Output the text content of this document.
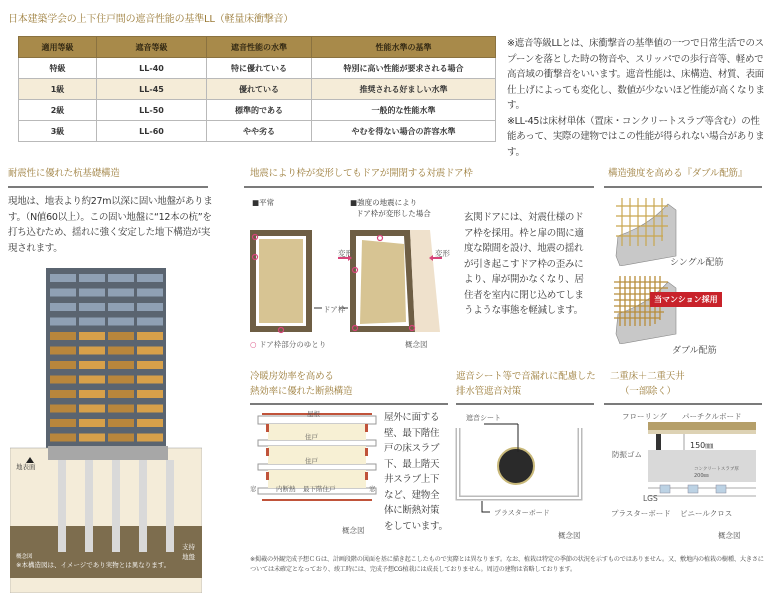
日本建築学会の上下住戸間の遮音性能の基準LL（軽量床衝撃音）
適用等級	遮音等級	遮音性能の水準	性能水準の基準
特級	LL-40	特に優れている	特別に高い性能が要求される場合
1級	LL-45	優れている	推奨される好ましい水準
2級	LL-50	標準的である	一般的な性能水準
3級	LL-60	やや劣る	やむを得ない場合の許容水準
※遮音等級LLとは、床衝撃音の基準値の一つで日常生活でのスプーンを落とした時の物音や、スリッパでの歩行音等、軽めで高音域の衝撃音をいいます。遮音性能は、床構造、材質、表面仕上げによっても変化し、数値が少ないほど性能が高くなります。
※LL-45は床材単体（置床・コンクリートスラブ等含む）の性能あって、実際の建物ではこの性能が得られない場合があります。
耐震性に優れた杭基礎構造
現地は、地表より約27m以深に固い地盤があります。（N値60以上）。この固い地盤に“12本の杭”を打ち込むため、揺れに強く安定した地下構造が実現されます。
地表面
支持
地盤
概念図
※本構造図は、イメージであり実物とは異なります。
地震により枠が変形してもドアが開閉する対震ドア枠
■平常	■強度の地震により
ドア枠が変形した場合
変形	変形
ドア枠
○ ドア枠部分のゆとり	概念図
玄関ドアには、対震仕様のドア枠を採用。枠と扉の間に適度な隙間を設け、地震の揺れが引き起こすドア枠の歪みにより、扉が開かなくなり、居住者を室内に閉じ込めてしまうような事態を軽減します。
構造強度を高める『ダブル配筋』
シングル配筋
当マンション採用
ダブル配筋
冷暖房効率を高める
熱効率に優れた断熱構造
屋根
住戸
住戸
内断熱 最下階住戸
窓	窓
概念図
屋外に面する壁、最下階住戸の床スラブ下、最上階天井スラブ上下など、建物全体に断熱対策をしています。
遮音シート等で音漏れに配慮した
排水管遮音対策
遮音シート
プラスターボード
概念図
二重床＋二重天井
（一部除く）
フローリング パーチクルボード
防振ゴム
150㎜
コンクリートスラブ厚
200㎜
LGS
プラスターボード ビニールクロス
概念図
※掲載の外観完成予想ＣＧは、計画段階の図面を基に描き起こしたもので実際とは異なります。なお、植栽は特定の季節の状況を示すものではありません。又、敷地内の植栽の樹種、大きさについては未確定となっており、竣工時には、完成予想CG植栽には成長しておりません。周辺の建物は省略しております。
